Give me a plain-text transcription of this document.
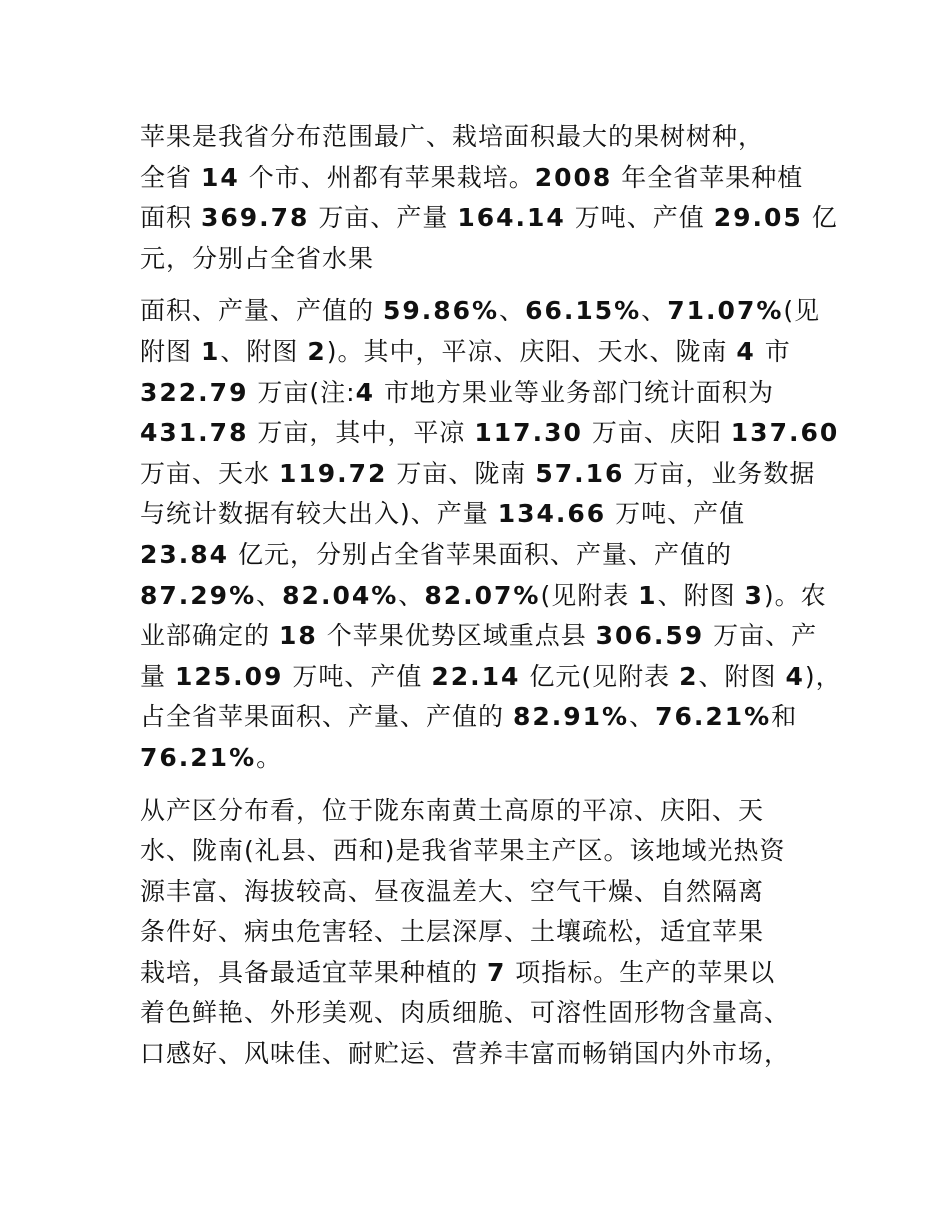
苹果是我省分布范围最广、栽培面积最大的果树树种，
全省 14 个市、州都有苹果栽培。2008 年全省苹果种植
面积 369.78 万亩、产量 164.14 万吨、产值 29.05 亿
元，分别占全省水果
面积、产量、产值的 59.86%、66.15%、71.07%(见
附图 1、附图 2)。其中，平凉、庆阳、天水、陇南 4 市
322.79 万亩(注:4 市地方果业等业务部门统计面积为
431.78 万亩，其中，平凉 117.30 万亩、庆阳 137.60
万亩、天水 119.72 万亩、陇南 57.16 万亩，业务数据
与统计数据有较大出入)、产量 134.66 万吨、产值
23.84 亿元，分别占全省苹果面积、产量、产值的
87.29%、82.04%、82.07%(见附表 1、附图 3)。农
业部确定的 18 个苹果优势区域重点县 306.59 万亩、产
量 125.09 万吨、产值 22.14 亿元(见附表 2、附图 4)，
占全省苹果面积、产量、产值的 82.91%、76.21%和
76.21%。
从产区分布看，位于陇东南黄土高原的平凉、庆阳、天
水、陇南(礼县、西和)是我省苹果主产区。该地域光热资
源丰富、海拔较高、昼夜温差大、空气干燥、自然隔离
条件好、病虫危害轻、土层深厚、土壤疏松，适宜苹果
栽培，具备最适宜苹果种植的 7 项指标。生产的苹果以
着色鲜艳、外形美观、肉质细脆、可溶性固形物含量高、
口感好、风味佳、耐贮运、营养丰富而畅销国内外市场，
